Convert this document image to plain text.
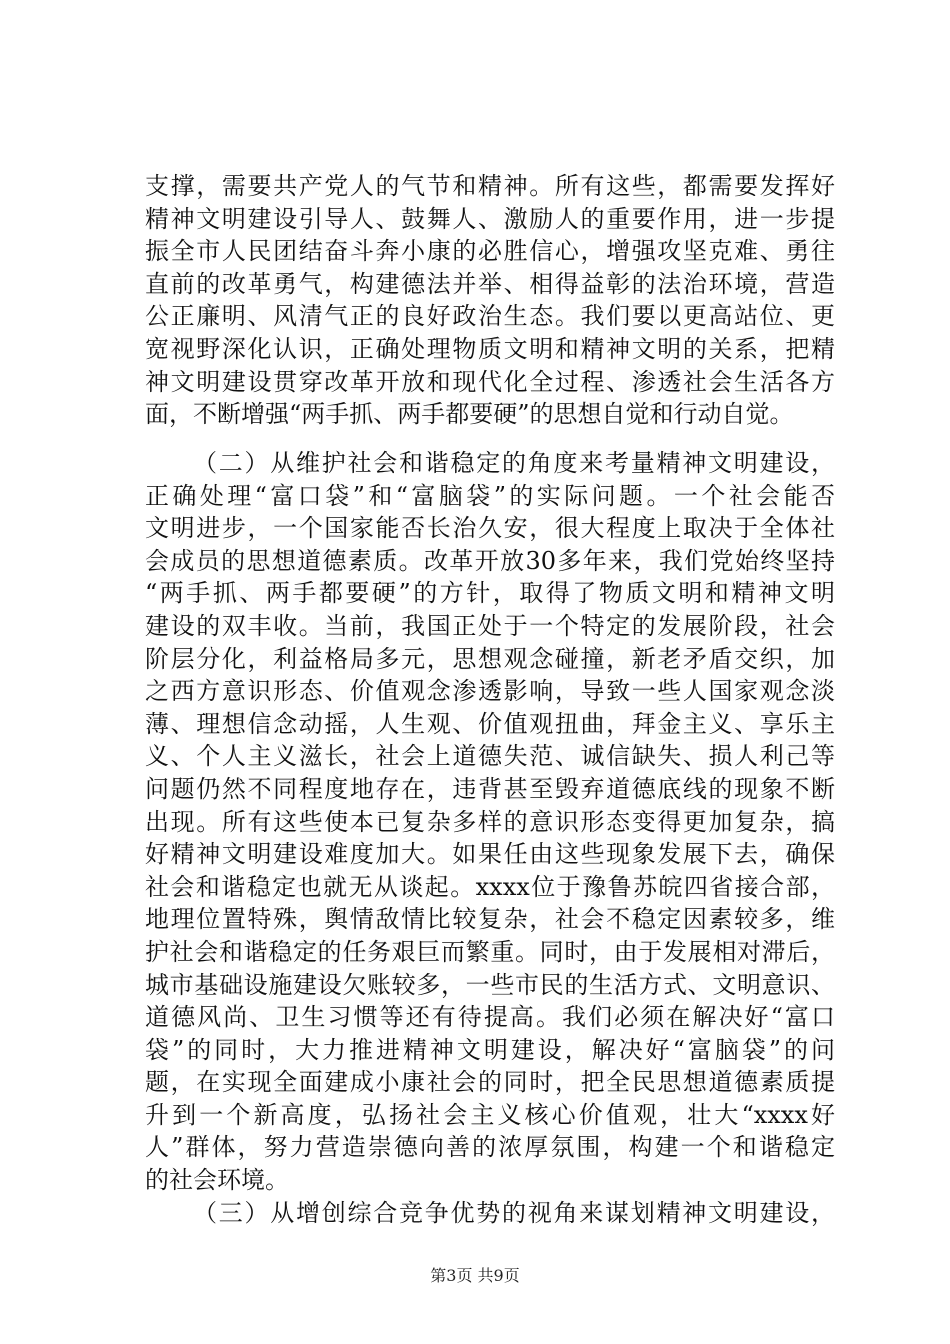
支撑，需要共产党人的气节和精神。所有这些，都需要发挥好
精神文明建设引导人、鼓舞人、激励人的重要作用，进一步提
振全市人民团结奋斗奔小康的必胜信心，增强攻坚克难、勇往
直前的改革勇气，构建德法并举、相得益彰的法治环境，营造
公正廉明、风清气正的良好政治生态。我们要以更高站位、更
宽视野深化认识，正确处理物质文明和精神文明的关系，把精
神文明建设贯穿改革开放和现代化全过程、渗透社会生活各方
面，不断增强“两手抓、两手都要硬”的思想自觉和行动自觉。
（二）从维护社会和谐稳定的角度来考量精神文明建设，
正确处理“富口袋”和“富脑袋”的实际问题。一个社会能否
文明进步，一个国家能否长治久安，很大程度上取决于全体社
会成员的思想道德素质。改革开放30多年来，我们党始终坚持
“两手抓、两手都要硬”的方针，取得了物质文明和精神文明
建设的双丰收。当前，我国正处于一个特定的发展阶段，社会
阶层分化，利益格局多元，思想观念碰撞，新老矛盾交织，加
之西方意识形态、价值观念渗透影响，导致一些人国家观念淡
薄、理想信念动摇，人生观、价值观扭曲，拜金主义、享乐主
义、个人主义滋长，社会上道德失范、诚信缺失、损人利己等
问题仍然不同程度地存在，违背甚至毁弃道德底线的现象不断
出现。所有这些使本已复杂多样的意识形态变得更加复杂，搞
好精神文明建设难度加大。如果任由这些现象发展下去，确保
社会和谐稳定也就无从谈起。xxxx位于豫鲁苏皖四省接合部，
地理位置特殊，舆情敌情比较复杂，社会不稳定因素较多，维
护社会和谐稳定的任务艰巨而繁重。同时，由于发展相对滞后，
城市基础设施建设欠账较多，一些市民的生活方式、文明意识、
道德风尚、卫生习惯等还有待提高。我们必须在解决好“富口
袋”的同时，大力推进精神文明建设，解决好“富脑袋”的问
题，在实现全面建成小康社会的同时，把全民思想道德素质提
升到一个新高度，弘扬社会主义核心价值观，壮大“xxxx好
人”群体，努力营造崇德向善的浓厚氛围，构建一个和谐稳定
的社会环境。
（三）从增创综合竞争优势的视角来谋划精神文明建设，
第3页 共9页
